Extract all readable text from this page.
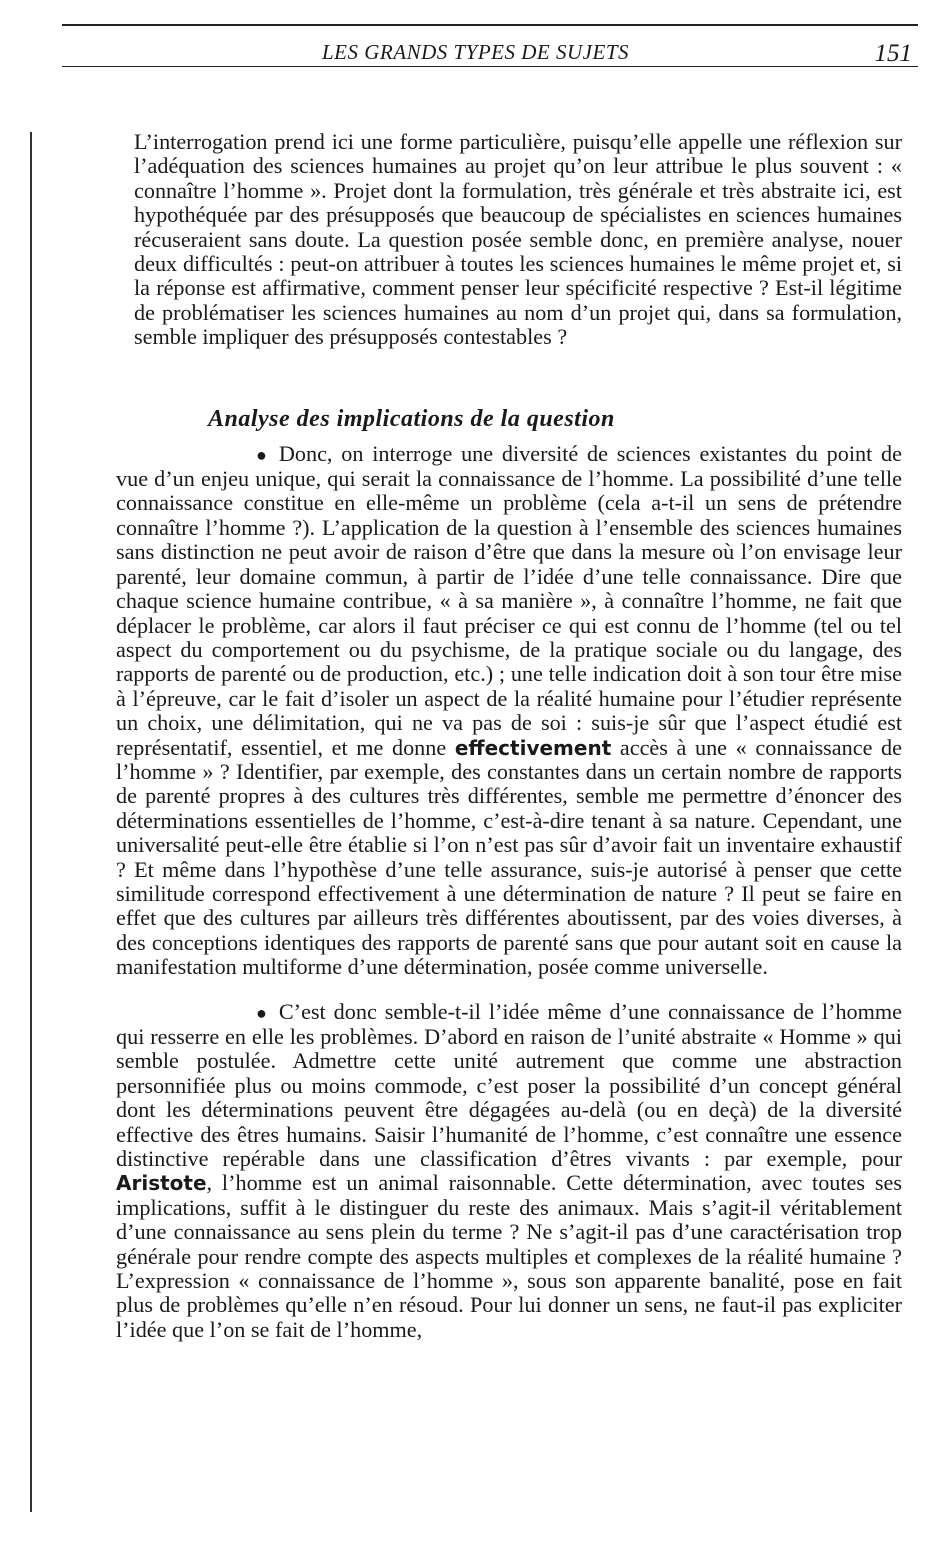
LES GRANDS TYPES DE SUJETS	151

L’interrogation prend ici une forme particulière, puisqu’elle appelle une réflexion sur l’adéquation des sciences humaines au projet qu’on leur attribue le plus souvent : « connaître l’homme ». Projet dont la formulation, très générale et très abstraite ici, est hypothéquée par des présupposés que beaucoup de spécialistes en sciences humaines récuseraient sans doute. La question posée semble donc, en première analyse, nouer deux difficultés : peut-on attribuer à toutes les sciences humaines le même projet et, si la réponse est affirmative, comment penser leur spécificité respective ? Est-il légitime de problématiser les sciences humaines au nom d’un projet qui, dans sa formulation, semble impliquer des présupposés contestables ?

Analyse des implications de la question

● Donc, on interroge une diversité de sciences existantes du point de vue d’un enjeu unique, qui serait la connaissance de l’homme. La possibilité d’une telle connaissance constitue en elle-même un problème (cela a-t-il un sens de prétendre connaître l’homme ?). L’application de la question à l’ensemble des sciences humaines sans distinction ne peut avoir de raison d’être que dans la mesure où l’on envisage leur parenté, leur domaine commun, à partir de l’idée d’une telle connaissance. Dire que chaque science humaine contribue, « à sa manière », à connaître l’homme, ne fait que déplacer le problème, car alors il faut préciser ce qui est connu de l’homme (tel ou tel aspect du comportement ou du psychisme, de la pratique sociale ou du langage, des rapports de parenté ou de production, etc.) ; une telle indication doit à son tour être mise à l’épreuve, car le fait d’isoler un aspect de la réalité humaine pour l’étudier représente un choix, une délimitation, qui ne va pas de soi : suis-je sûr que l’aspect étudié est représentatif, essentiel, et me donne effectivement accès à une « connaissance de l’homme » ? Identifier, par exemple, des constantes dans un certain nombre de rapports de parenté propres à des cultures très différentes, semble me permettre d’énoncer des déterminations essentielles de l’homme, c’est-à-dire tenant à sa nature. Cependant, une universalité peut-elle être établie si l’on n’est pas sûr d’avoir fait un inventaire exhaustif ? Et même dans l’hypothèse d’une telle assurance, suis-je autorisé à penser que cette similitude correspond effectivement à une détermination de nature ? Il peut se faire en effet que des cultures par ailleurs très différentes aboutissent, par des voies diverses, à des conceptions identiques des rapports de parenté sans que pour autant soit en cause la manifestation multiforme d’une détermination, posée comme universelle.

● C’est donc semble-t-il l’idée même d’une connaissance de l’homme qui resserre en elle les problèmes. D’abord en raison de l’unité abstraite « Homme » qui semble postulée. Admettre cette unité autrement que comme une abstraction personnifiée plus ou moins commode, c’est poser la possibilité d’un concept général dont les déterminations peuvent être dégagées au-delà (ou en deçà) de la diversité effective des êtres humains. Saisir l’humanité de l’homme, c’est connaître une essence distinctive repérable dans une classification d’êtres vivants : par exemple, pour Aristote, l’homme est un animal raisonnable. Cette détermination, avec toutes ses implications, suffit à le distinguer du reste des animaux. Mais s’agit-il véritablement d’une connaissance au sens plein du terme ? Ne s’agit-il pas d’une caractérisation trop générale pour rendre compte des aspects multiples et complexes de la réalité humaine ? L’expression « connaissance de l’homme », sous son apparente banalité, pose en fait plus de problèmes qu’elle n’en résoud. Pour lui donner un sens, ne faut-il pas expliciter l’idée que l’on se fait de l’homme,
